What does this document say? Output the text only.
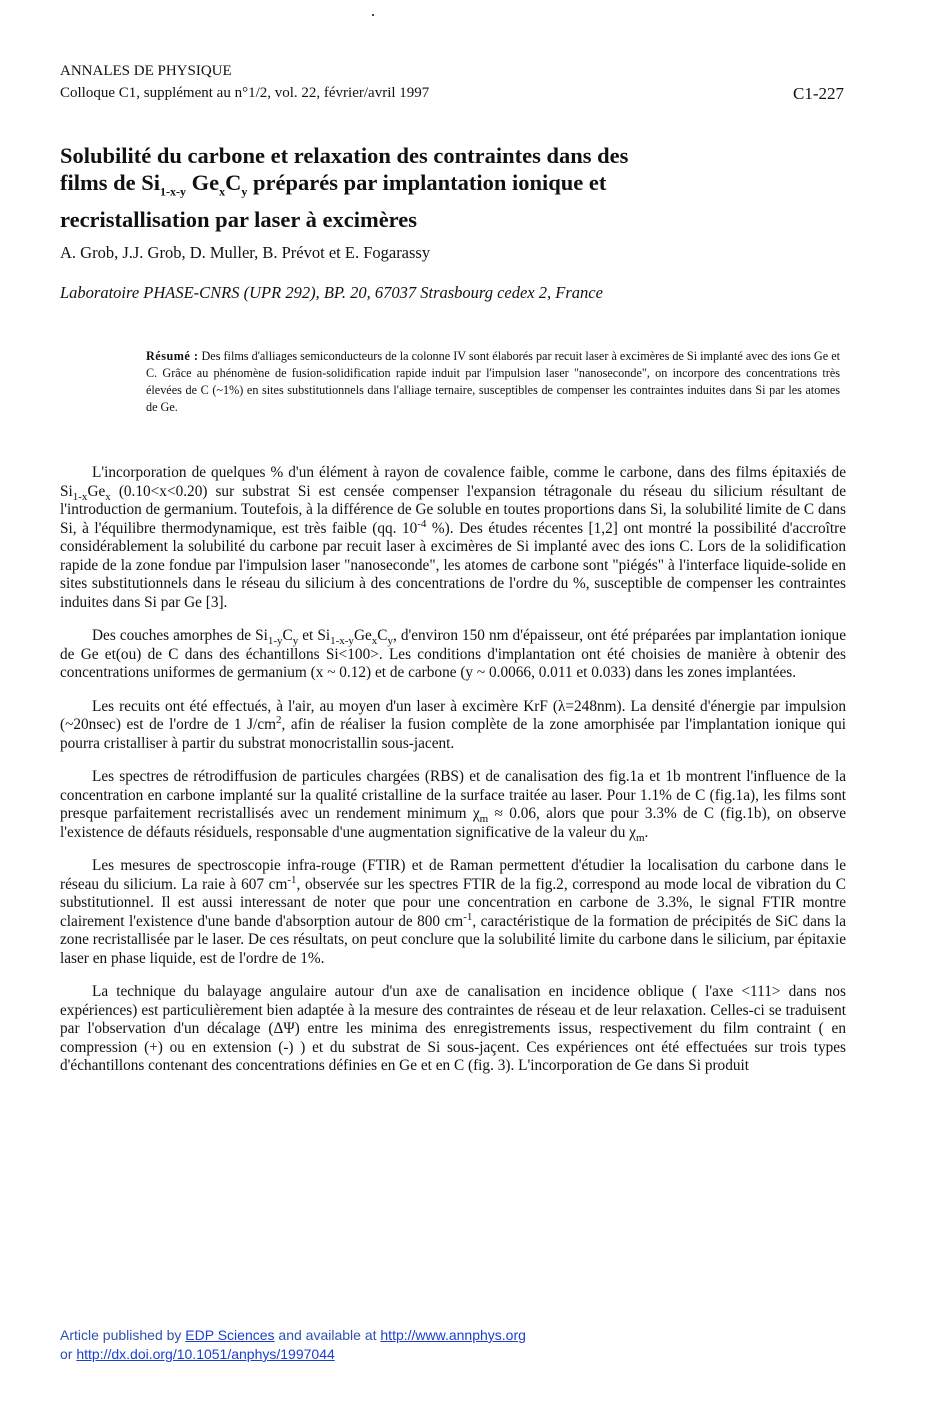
ANNALES DE PHYSIQUE
Colloque C1, supplément au n°1/2, vol. 22, février/avril 1997	C1-227
Solubilité du carbone et relaxation des contraintes dans des
films de $Si_{1-x-y}$ $Ge_xC_y$ préparés par implantation ionique et
recristallisation par laser à excimères
A. Grob, J.J. Grob, D. Muller, B. Prévot et E. Fogarassy
Laboratoire PHASE-CNRS (UPR 292), BP. 20, 67037 Strasbourg cedex 2, France
Résumé : Des films d'alliages semiconducteurs de la colonne IV sont élaborés par recuit laser à excimères de Si implanté avec des ions Ge et C. Grâce au phénomène de fusion-solidification rapide induit par l'impulsion laser "nanoseconde", on incorpore des concentrations très élevées de C (~1%) en sites substitutionnels dans l'alliage ternaire, susceptibles de compenser les contraintes induites dans Si par les atomes de Ge.

L'incorporation de quelques % d'un élément à rayon de covalence faible, comme le carbone, dans des films épitaxiés de $Si_{1-x}Ge_x$ (0.10<x<0.20) sur substrat Si est censée compenser l'expansion tétragonale du réseau du silicium résultant de l'introduction de germanium. Toutefois, à la différence de Ge soluble en toutes proportions dans Si, la solubilité limite de C dans Si, à l'équilibre thermodynamique, est très faible (qq. $10^{-4}$ %). Des études récentes [1,2] ont montré la possibilité d'accroître considérablement la solubilité du carbone par recuit laser à excimères de Si implanté avec des ions C. Lors de la solidification rapide de la zone fondue par l'impulsion laser "nanoseconde", les atomes de carbone sont "piégés" à l'interface liquide-solide en sites substitutionnels dans le réseau du silicium à des concentrations de l'ordre du %, susceptible de compenser les contraintes induites dans Si par Ge [3].

Des couches amorphes de $Si_{1-y}C_y$ et $Si_{1-x-y}Ge_xC_y$, d'environ 150 nm d'épaisseur, ont été préparées par implantation ionique de Ge et(ou) de C dans des échantillons Si<100>. Les conditions d'implantation ont été choisies de manière à obtenir des concentrations uniformes de germanium (x ~ 0.12) et de carbone (y ~ 0.0066, 0.011 et 0.033) dans les zones implantées.

Les recuits ont été effectués, à l'air, au moyen d'un laser à excimère KrF (λ=248nm). La densité d'énergie par impulsion (~20nsec) est de l'ordre de 1 $J/cm^2$, afin de réaliser la fusion complète de la zone amorphisée par l'implantation ionique qui pourra cristalliser à partir du substrat monocristallin sous-jacent.

Les spectres de rétrodiffusion de particules chargées (RBS) et de canalisation des fig.1a et 1b montrent l'influence de la concentration en carbone implanté sur la qualité cristalline de la surface traitée au laser. Pour 1.1% de C (fig.1a), les films sont presque parfaitement recristallisés avec un rendement minimum $\chi_m \approx 0.06$, alors que pour 3.3% de C (fig.1b), on observe l'existence de défauts résiduels, responsable d'une augmentation significative de la valeur du $\chi_m$.

Les mesures de spectroscopie infra-rouge (FTIR) et de Raman permettent d'étudier la localisation du carbone dans le réseau du silicium. La raie à 607 $cm^{-1}$, observée sur les spectres FTIR de la fig.2, correspond au mode local de vibration du C substitutionnel. Il est aussi interessant de noter que pour une concentration en carbone de 3.3%, le signal FTIR montre clairement l'existence d'une bande d'absorption autour de 800 $cm^{-1}$, caractéristique de la formation de précipités de SiC dans la zone recristallisée par le laser. De ces résultats, on peut conclure que la solubilité limite du carbone dans le silicium, par épitaxie laser en phase liquide, est de l'ordre de 1%.

La technique du balayage angulaire autour d'un axe de canalisation en incidence oblique ( l'axe <111> dans nos expériences) est particulièrement bien adaptée à la mesure des contraintes de réseau et de leur relaxation. Celles-ci se traduisent par l'observation d'un décalage (ΔΨ) entre les minima des enregistrements issus, respectivement du film contraint ( en compression (+) ou en extension (-) ) et du substrat de Si sous-jaçent. Ces expériences ont été effectuées sur trois types d'échantillons contenant des concentrations définies en Ge et en C (fig. 3). L'incorporation de Ge dans Si produit

Article published by EDP Sciences and available at http://www.annphys.org
or http://dx.doi.org/10.1051/anphys/1997044
